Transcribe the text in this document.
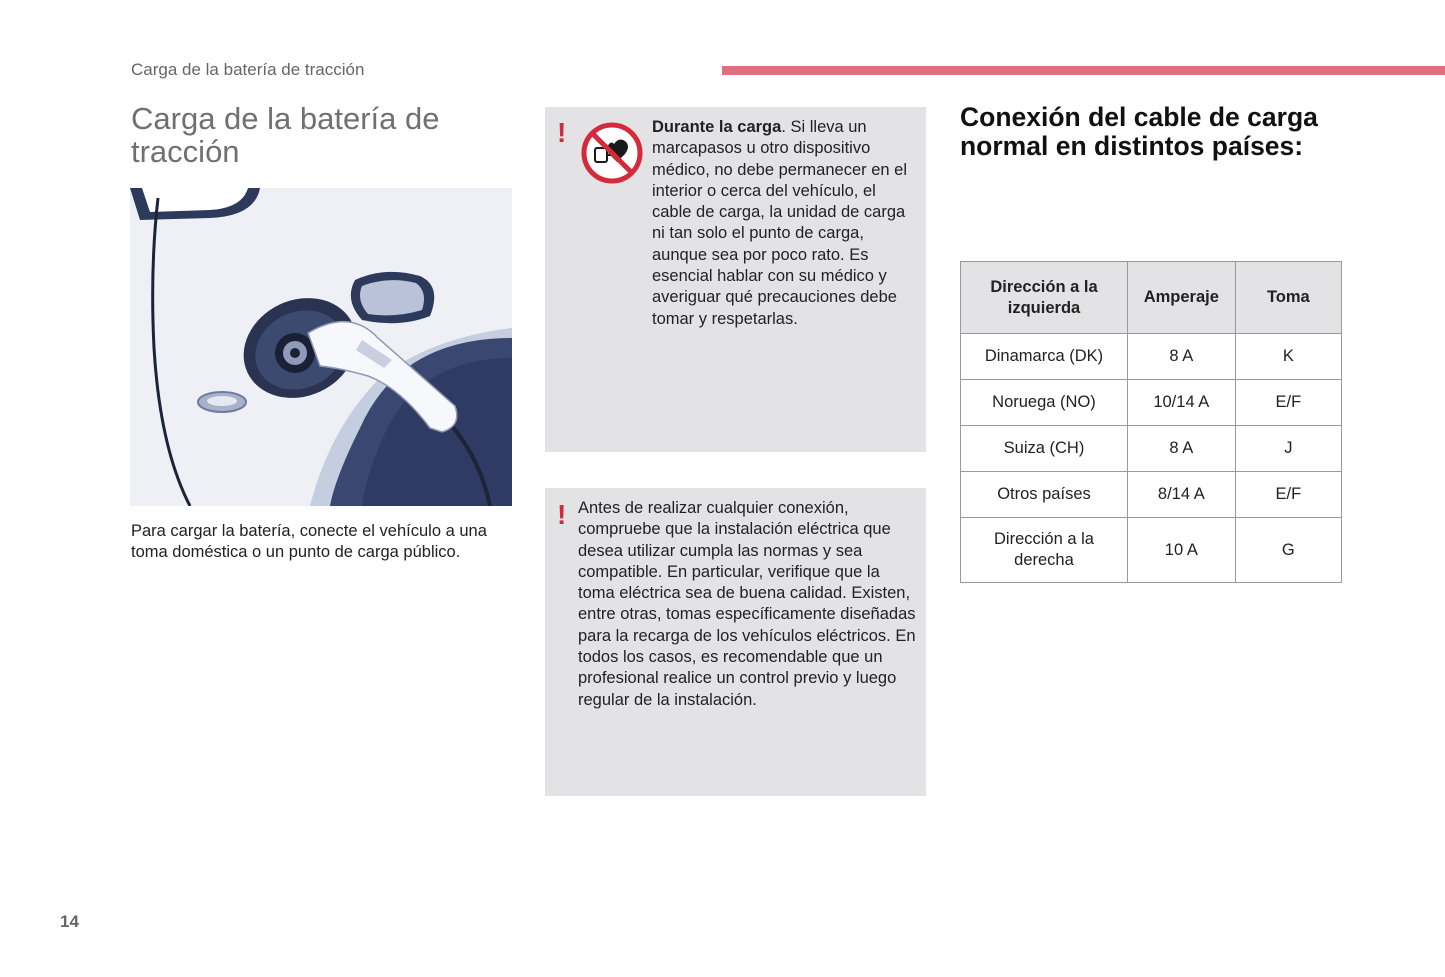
Carga de la batería de tracción
Carga de la batería de tracción

Para cargar la batería, conecte el vehículo a una toma doméstica o un punto de carga público.

!	Durante la carga. Si lleva un marcapasos u otro dispositivo médico, no debe permanecer en el interior o cerca del vehículo, el cable de carga, la unidad de carga ni tan solo el punto de carga, aunque sea por poco rato. Es esencial hablar con su médico y averiguar qué precauciones debe tomar y respetarlas.

! Antes de realizar cualquier conexión, compruebe que la instalación eléctrica que desea utilizar cumpla las normas y sea compatible. En particular, verifique que la toma eléctrica sea de buena calidad. Existen, entre otras, tomas específicamente diseñadas para la recarga de los vehículos eléctricos. En todos los casos, es recomendable que un profesional realice un control previo y luego regular de la instalación.

Conexión del cable de carga normal en distintos países:
Dirección a la izquierda	Amperaje	Toma
Dinamarca (DK)	8 A	K
Noruega (NO)	10/14 A	E/F
Suiza (CH)	8 A	J
Otros países	8/14 A	E/F
Dirección a la derecha	10 A	G
14
